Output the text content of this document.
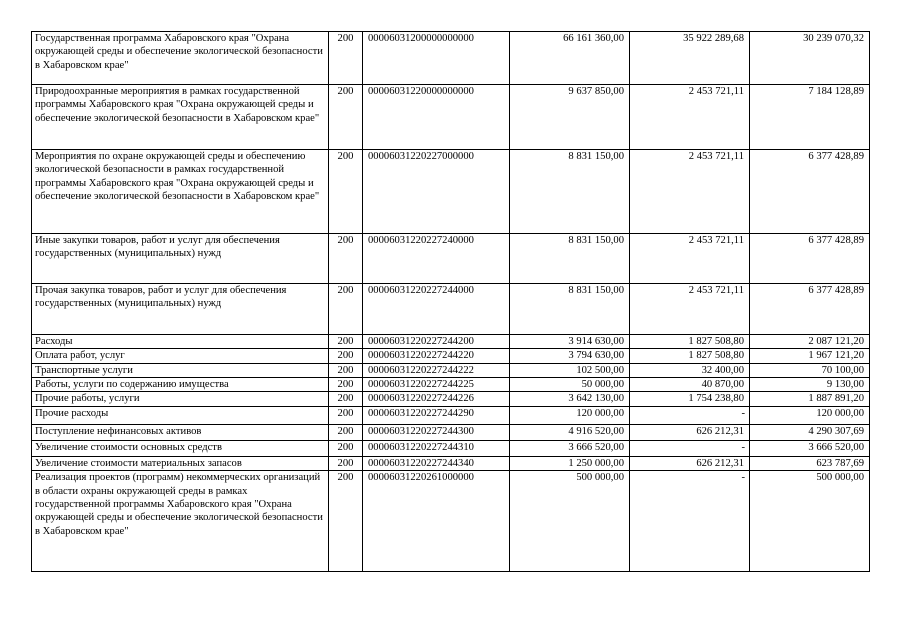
Государственная программа Хабаровского края "Охрана окружающей среды и обеспечение экологической безопасности в Хабаровском крае"	200	00006031200000000000	66 161 360,00	35 922 289,68	30 239 070,32
Природоохранные мероприятия в рамках государственной программы Хабаровского края "Охрана окружающей среды и обеспечение экологической безопасности в Хабаровском крае"	200	00006031220000000000	9 637 850,00	2 453 721,11	7 184 128,89
Мероприятия по охране окружающей среды и обеспечению экологической безопасности в рамках государственной программы Хабаровского края "Охрана окружающей среды и обеспечение экологической безопасности в Хабаровском крае"	200	00006031220227000000	8 831 150,00	2 453 721,11	6 377 428,89
Иные закупки товаров, работ и услуг для обеспечения государственных (муниципальных) нужд	200	00006031220227240000	8 831 150,00	2 453 721,11	6 377 428,89
Прочая закупка товаров, работ и услуг для обеспечения государственных (муниципальных) нужд	200	00006031220227244000	8 831 150,00	2 453 721,11	6 377 428,89
Расходы	200	00006031220227244200	3 914 630,00	1 827 508,80	2 087 121,20
Оплата работ, услуг	200	00006031220227244220	3 794 630,00	1 827 508,80	1 967 121,20
Транспортные услуги	200	00006031220227244222	102 500,00	32 400,00	70 100,00
Работы, услуги по содержанию имущества	200	00006031220227244225	50 000,00	40 870,00	9 130,00
Прочие работы, услуги	200	00006031220227244226	3 642 130,00	1 754 238,80	1 887 891,20
Прочие расходы	200	00006031220227244290	120 000,00	-	120 000,00
Поступление нефинансовых активов	200	00006031220227244300	4 916 520,00	626 212,31	4 290 307,69
Увеличение стоимости основных средств	200	00006031220227244310	3 666 520,00	-	3 666 520,00
Увеличение стоимости материальных запасов	200	00006031220227244340	1 250 000,00	626 212,31	623 787,69
Реализация проектов (программ) некоммерческих организаций в области охраны окружающей среды в рамках государственной программы Хабаровского края "Охрана окружающей среды и обеспечение экологической безопасности в Хабаровском крае"	200	00006031220261000000	500 000,00	-	500 000,00
